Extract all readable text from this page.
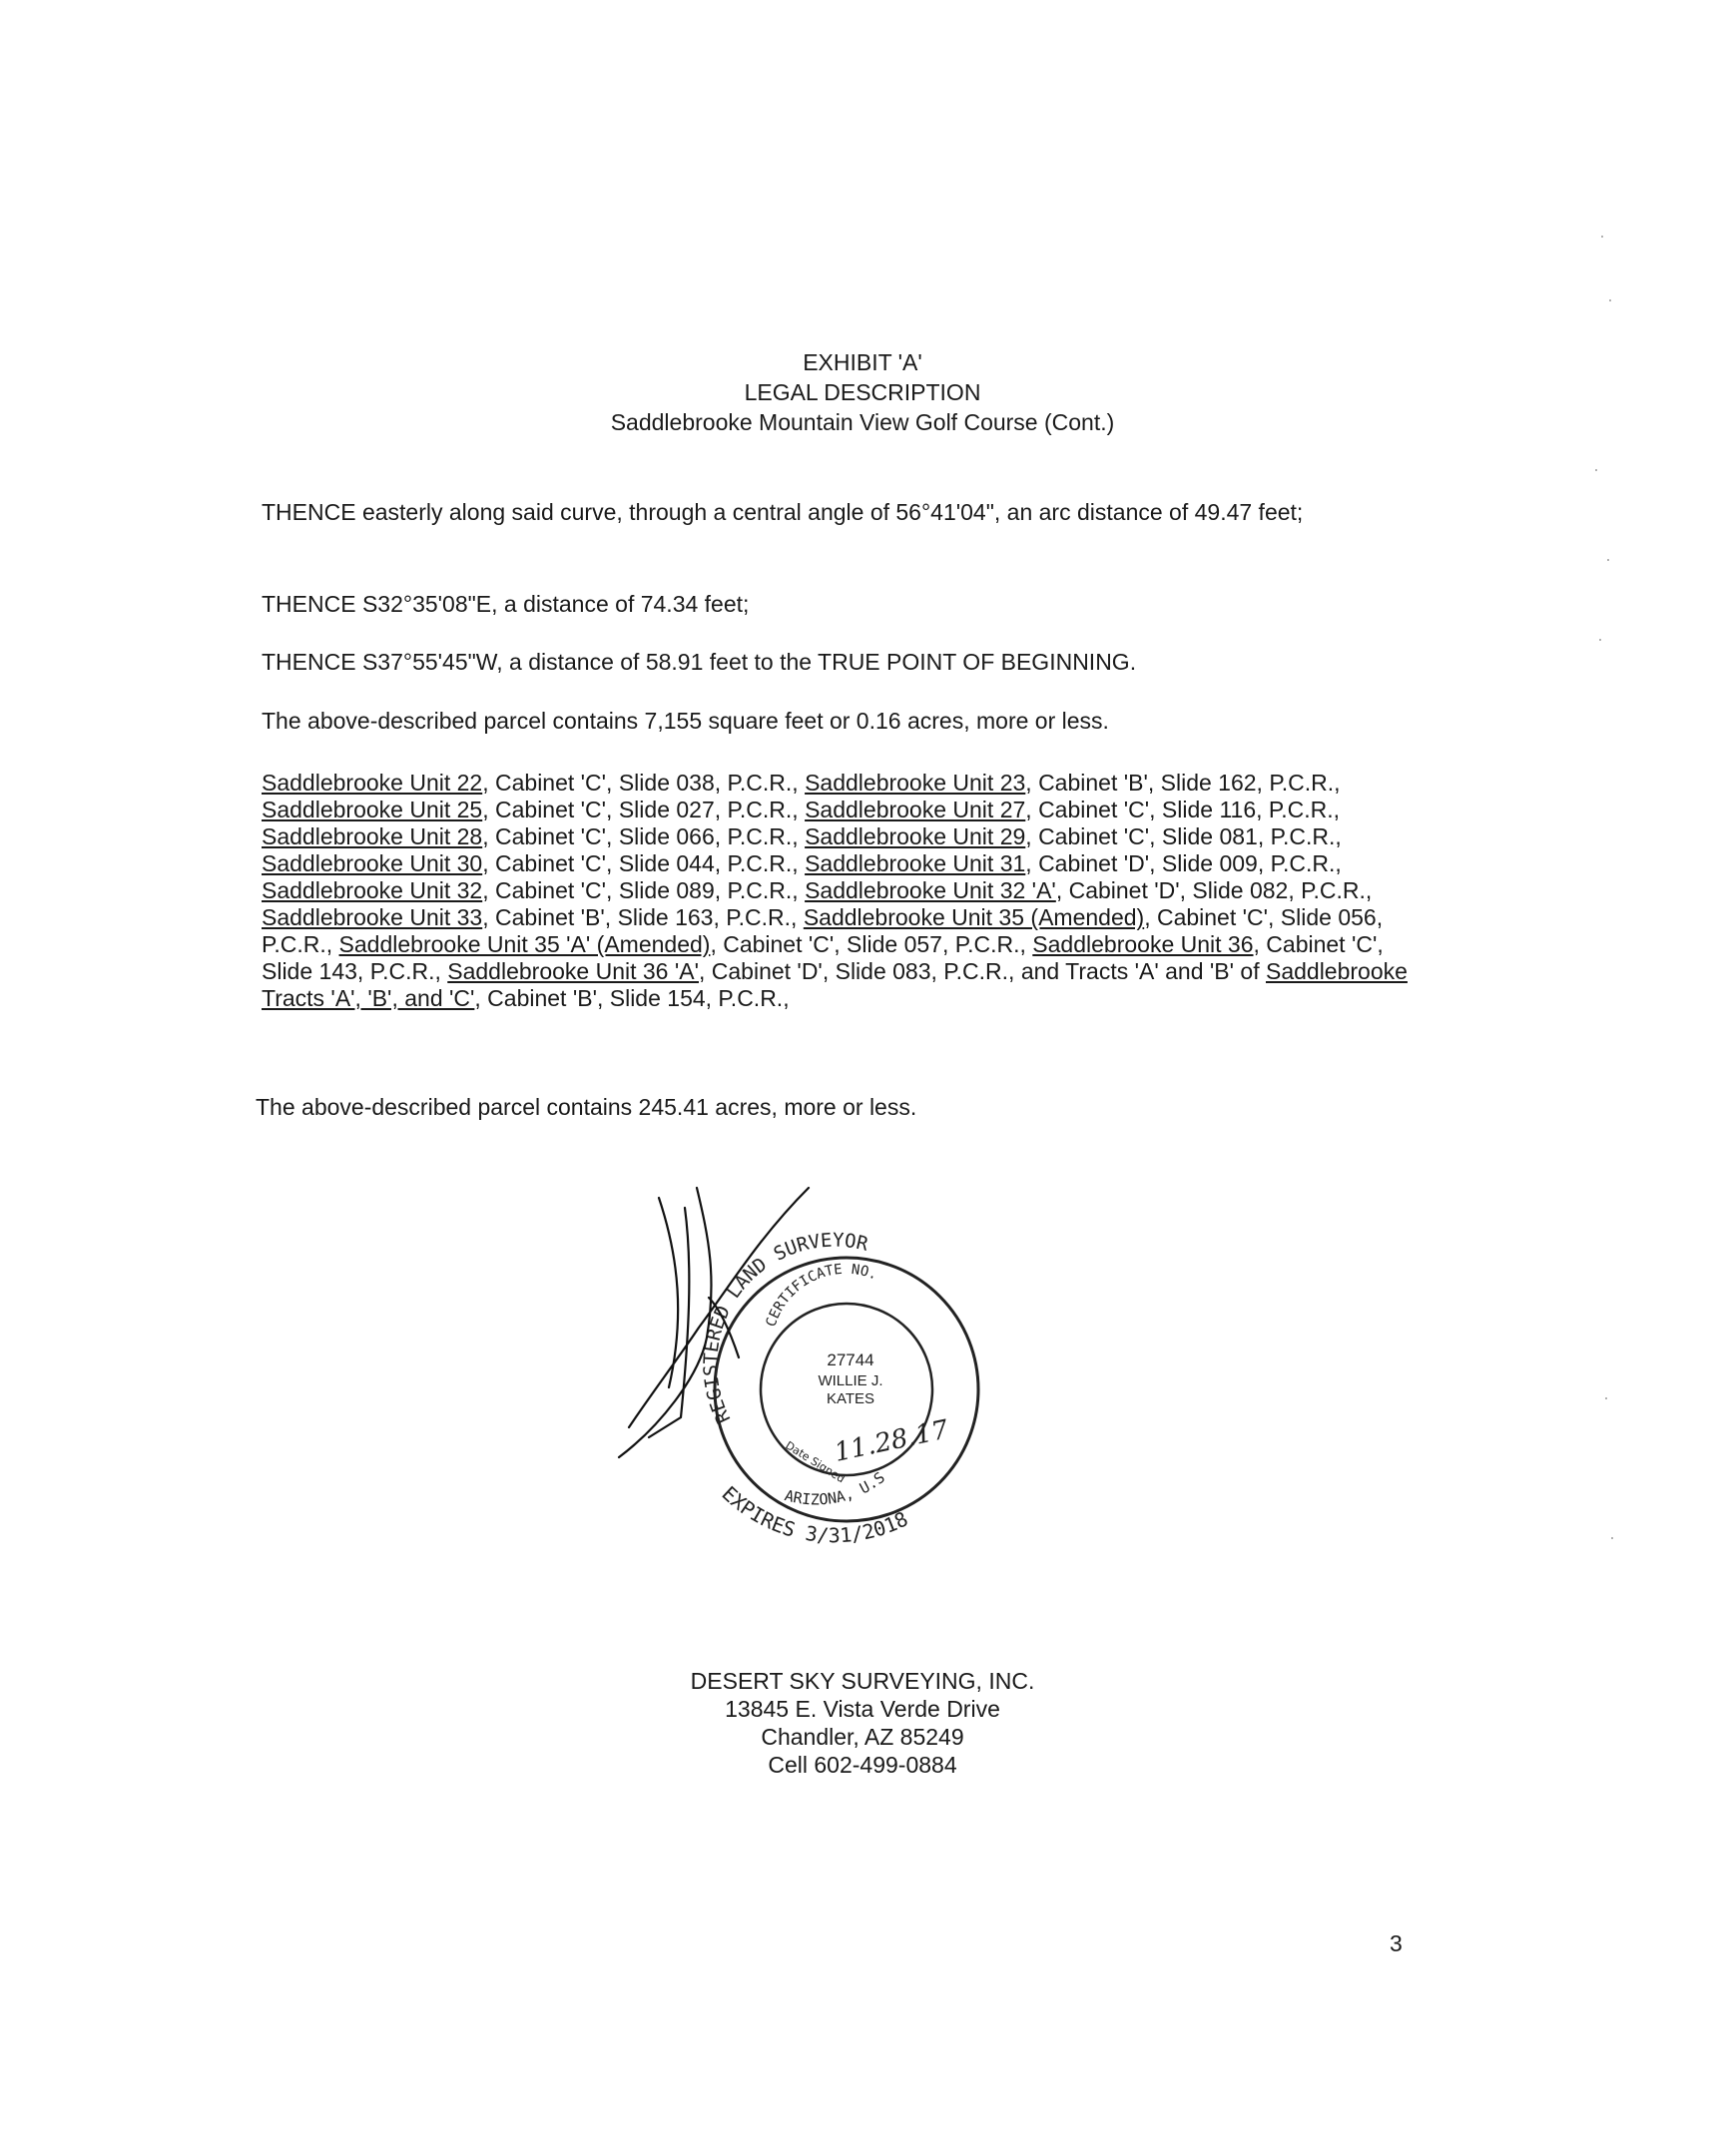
EXHIBIT 'A'
LEGAL DESCRIPTION
Saddlebrooke Mountain View Golf Course (Cont.)

THENCE easterly along said curve, through a central angle of 56°41'04", an arc distance of 49.47 feet;

THENCE S32°35'08"E, a distance of 74.34 feet;

THENCE S37°55'45"W, a distance of 58.91 feet to the TRUE POINT OF BEGINNING.

The above-described parcel contains 7,155 square feet or 0.16 acres, more or less.

Saddlebrooke Unit 22, Cabinet 'C', Slide 038, P.C.R., Saddlebrooke Unit 23, Cabinet 'B', Slide 162, P.C.R., Saddlebrooke Unit 25, Cabinet 'C', Slide 027, P.C.R., Saddlebrooke Unit 27, Cabinet 'C', Slide 116, P.C.R., Saddlebrooke Unit 28, Cabinet 'C', Slide 066, P.C.R., Saddlebrooke Unit 29, Cabinet 'C', Slide 081, P.C.R., Saddlebrooke Unit 30, Cabinet 'C', Slide 044, P.C.R., Saddlebrooke Unit 31, Cabinet 'D', Slide 009, P.C.R., Saddlebrooke Unit 32, Cabinet 'C', Slide 089, P.C.R., Saddlebrooke Unit 32 'A', Cabinet 'D', Slide 082, P.C.R., Saddlebrooke Unit 33, Cabinet 'B', Slide 163, P.C.R., Saddlebrooke Unit 35 (Amended), Cabinet 'C', Slide 056, P.C.R., Saddlebrooke Unit 35 'A' (Amended), Cabinet 'C', Slide 057, P.C.R., Saddlebrooke Unit 36, Cabinet 'C', Slide 143, P.C.R., Saddlebrooke Unit 36 'A', Cabinet 'D', Slide 083, P.C.R., and Tracts 'A' and 'B' of Saddlebrooke Tracts 'A', 'B', and 'C', Cabinet 'B', Slide 154, P.C.R.,

The above-described parcel contains 245.41 acres, more or less.

REGISTERED LAND SURVEYOR
CERTIFICATE NO.
ARIZONA, U.S
EXPIRES 3/31/2018
27744
WILLIE J.
KATES
Date Signed
11.28.17
DESERT SKY SURVEYING, INC.
13845 E. Vista Verde Drive
Chandler, AZ 85249
Cell 602-499-0884
3
